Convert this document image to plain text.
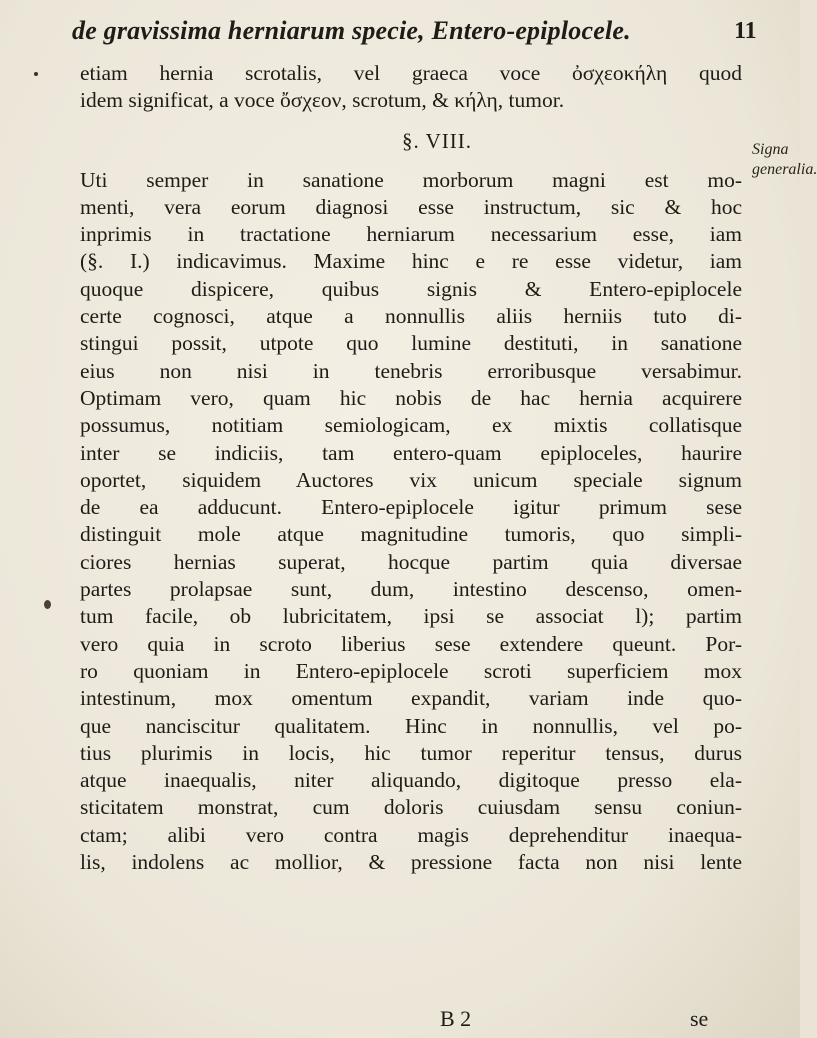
de gravissima herniarum specie, Entero-epiplocele.	11
etiam hernia scrotalis, vel graeca voce ὀσχεοκήλη quod
idem significat, a voce ὄσχεον, scrotum, & κήλη, tumor.
§. VIII.
Uti semper in sanatione morborum magni est mo-
menti, vera eorum diagnosi esse instructum, sic & hoc
inprimis in tractatione herniarum necessarium esse, iam
(§. I.) indicavimus. Maxime hinc e re esse videtur, iam
quoque dispicere, quibus signis & Entero-epiplocele
certe cognosci, atque a nonnullis aliis herniis tuto di-
stingui possit, utpote quo lumine destituti, in sanatione
eius non nisi in tenebris erroribusque versabimur.
Optimam vero, quam hic nobis de hac hernia acquirere
possumus, notitiam semiologicam, ex mixtis collatisque
inter se indiciis, tam entero-quam epiploceles, haurire
oportet, siquidem Auctores vix unicum speciale signum
de ea adducunt. Entero-epiplocele igitur primum sese
distinguit mole atque magnitudine tumoris, quo simpli-
ciores hernias superat, hocque partim quia diversae
partes prolapsae sunt, dum, intestino descenso, omen-
tum facile, ob lubricitatem, ipsi se associat l); partim
vero quia in scroto liberius sese extendere queunt. Por-
ro quoniam in Entero-epiplocele scroti superficiem mox
intestinum, mox omentum expandit, variam inde quo-
que nanciscitur qualitatem. Hinc in nonnullis, vel po-
tius plurimis in locis, hic tumor reperitur tensus, durus
atque inaequalis, niter aliquando, digitoque presso ela-
sticitatem monstrat, cum doloris cuiusdam sensu coniun-
ctam; alibi vero contra magis deprehenditur inaequa-
lis, indolens ac mollior, & pressione facta non nisi lente
Signa generalia.
B 2	se
